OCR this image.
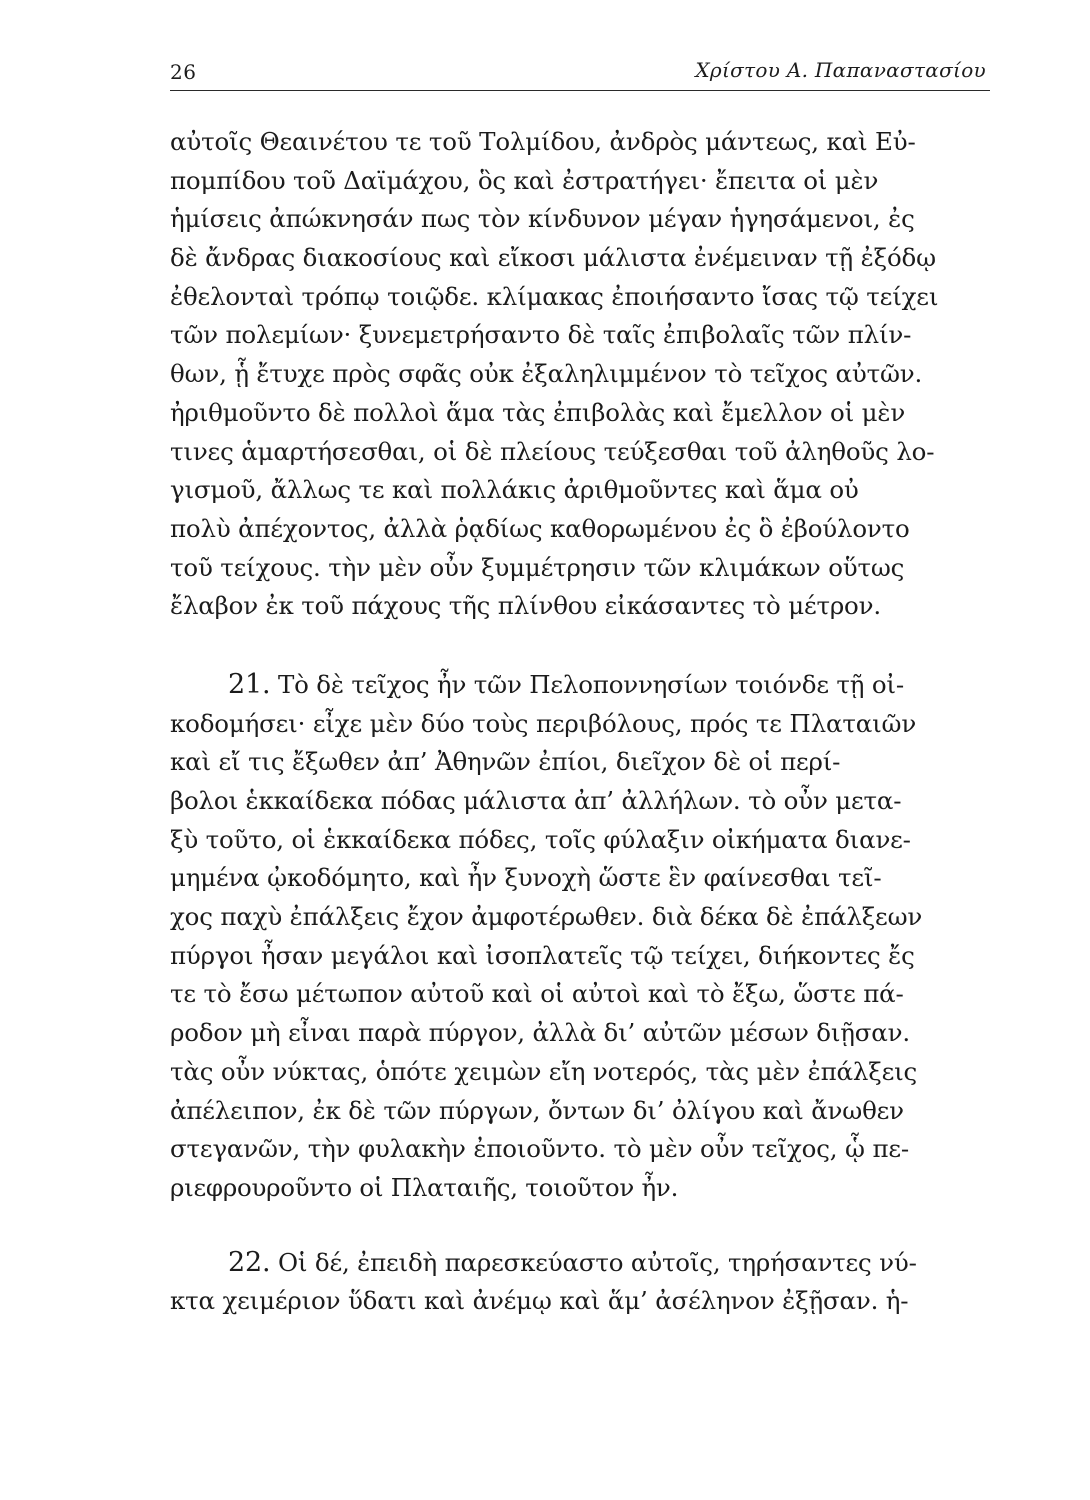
26	Χρίστου Α. Παπαναστασίου
αὐτοῖς Θεαινέτου τε τοῦ Τολμίδου, ἀνδρὸς μάντεως, καὶ Εὐ-
πομπίδου τοῦ Δαϊμάχου, ὃς καὶ ἐστρατήγει· ἔπειτα οἱ μὲν
ἡμίσεις ἀπώκνησάν πως τὸν κίνδυνον μέγαν ἡγησάμενοι, ἐς
δὲ ἄνδρας διακοσίους καὶ εἴκοσι μάλιστα ἐνέμειναν τῇ ἐξόδῳ
ἐθελονταὶ τρόπῳ τοιῷδε. κλίμακας ἐποιήσαντο ἴσας τῷ τείχει
τῶν πολεμίων· ξυνεμετρήσαντο δὲ ταῖς ἐπιβολαῖς τῶν πλίν-
θων, ᾗ ἔτυχε πρὸς σφᾶς οὐκ ἐξαληλιμμένον τὸ τεῖχος αὐτῶν.
ἠριθμοῦντο δὲ πολλοὶ ἅμα τὰς ἐπιβολὰς καὶ ἔμελλον οἱ μὲν
τινες ἁμαρτήσεσθαι, οἱ δὲ πλείους τεύξεσθαι τοῦ ἀληθοῦς λο-
γισμοῦ, ἄλλως τε καὶ πολλάκις ἀριθμοῦντες καὶ ἅμα οὐ
πολὺ ἀπέχοντος, ἀλλὰ ῥᾳδίως καθορωμένου ἐς ὃ ἐβούλοντο
τοῦ τείχους. τὴν μὲν οὖν ξυμμέτρησιν τῶν κλιμάκων οὕτως
ἔλαβον ἐκ τοῦ πάχους τῆς πλίνθου εἰκάσαντες τὸ μέτρον.
21. Τὸ δὲ τεῖχος ἦν τῶν Πελοποννησίων τοιόνδε τῇ οἰ-
κοδομήσει· εἶχε μὲν δύο τοὺς περιβόλους, πρός τε Πλαταιῶν
καὶ εἴ τις ἔξωθεν ἀπ’ Ἀθηνῶν ἐπίοι, διεῖχον δὲ οἱ περί-
βολοι ἑκκαίδεκα πόδας μάλιστα ἀπ’ ἀλλήλων. τὸ οὖν μετα-
ξὺ τοῦτο, οἱ ἑκκαίδεκα πόδες, τοῖς φύλαξιν οἰκήματα διανε-
μημένα ᾠκοδόμητο, καὶ ἦν ξυνοχὴ ὥστε ἓν φαίνεσθαι τεῖ-
χος παχὺ ἐπάλξεις ἔχον ἀμφοτέρωθεν. διὰ δέκα δὲ ἐπάλξεων
πύργοι ἦσαν μεγάλοι καὶ ἰσοπλατεῖς τῷ τείχει, διήκοντες ἔς
τε τὸ ἔσω μέτωπον αὐτοῦ καὶ οἱ αὐτοὶ καὶ τὸ ἔξω, ὥστε πά-
ροδον μὴ εἶναι παρὰ πύργον, ἀλλὰ δι’ αὐτῶν μέσων διῇσαν.
τὰς οὖν νύκτας, ὁπότε χειμὼν εἴη νοτερός, τὰς μὲν ἐπάλξεις
ἀπέλειπον, ἐκ δὲ τῶν πύργων, ὄντων δι’ ὀλίγου καὶ ἄνωθεν
στεγανῶν, τὴν φυλακὴν ἐποιοῦντο. τὸ μὲν οὖν τεῖχος, ᾧ πε-
ριεφρουροῦντο οἱ Πλαταιῆς, τοιοῦτον ἦν.
22. Οἱ δέ, ἐπειδὴ παρεσκεύαστο αὐτοῖς, τηρήσαντες νύ-
κτα χειμέριον ὕδατι καὶ ἀνέμῳ καὶ ἅμ’ ἀσέληνον ἐξῇσαν. ἡ-
